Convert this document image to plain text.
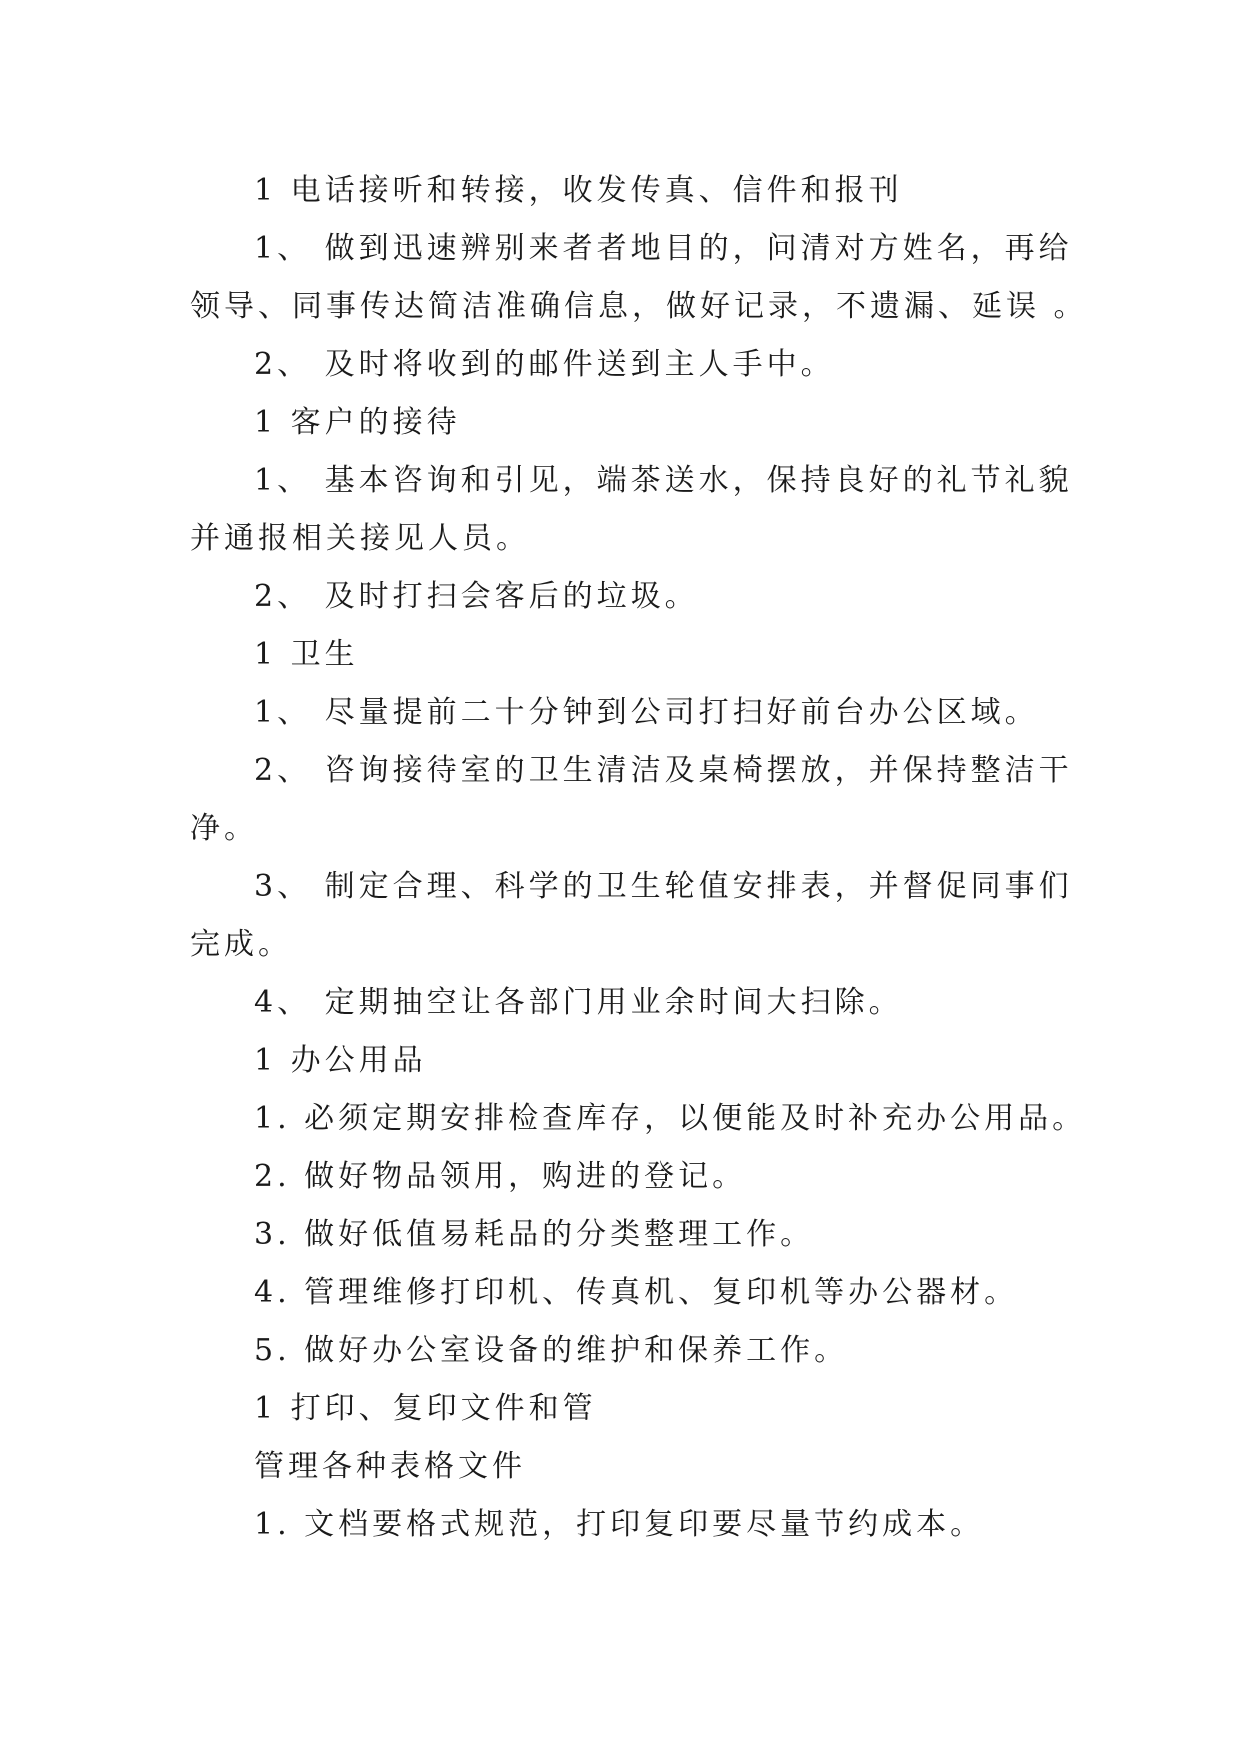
1 电话接听和转接，收发传真、信件和报刊
1、 做到迅速辨别来者者地目的，问清对方姓名，再给
领导、同事传达简洁准确信息，做好记录，不遗漏、延误 。
2、 及时将收到的邮件送到主人手中。
1 客户的接待
1、 基本咨询和引见，端茶送水，保持良好的礼节礼貌
并通报相关接见人员。
2、 及时打扫会客后的垃圾。
1 卫生
1、 尽量提前二十分钟到公司打扫好前台办公区域。
2、 咨询接待室的卫生清洁及桌椅摆放，并保持整洁干
净。
3、 制定合理、科学的卫生轮值安排表，并督促同事们
完成。
4、 定期抽空让各部门用业余时间大扫除。
1 办公用品
1. 必须定期安排检查库存，以便能及时补充办公用品。
2. 做好物品领用，购进的登记。
3. 做好低值易耗品的分类整理工作。
4. 管理维修打印机、传真机、复印机等办公器材。
5. 做好办公室设备的维护和保养工作。
1 打印、复印文件和管
管理各种表格文件
1. 文档要格式规范，打印复印要尽量节约成本。
